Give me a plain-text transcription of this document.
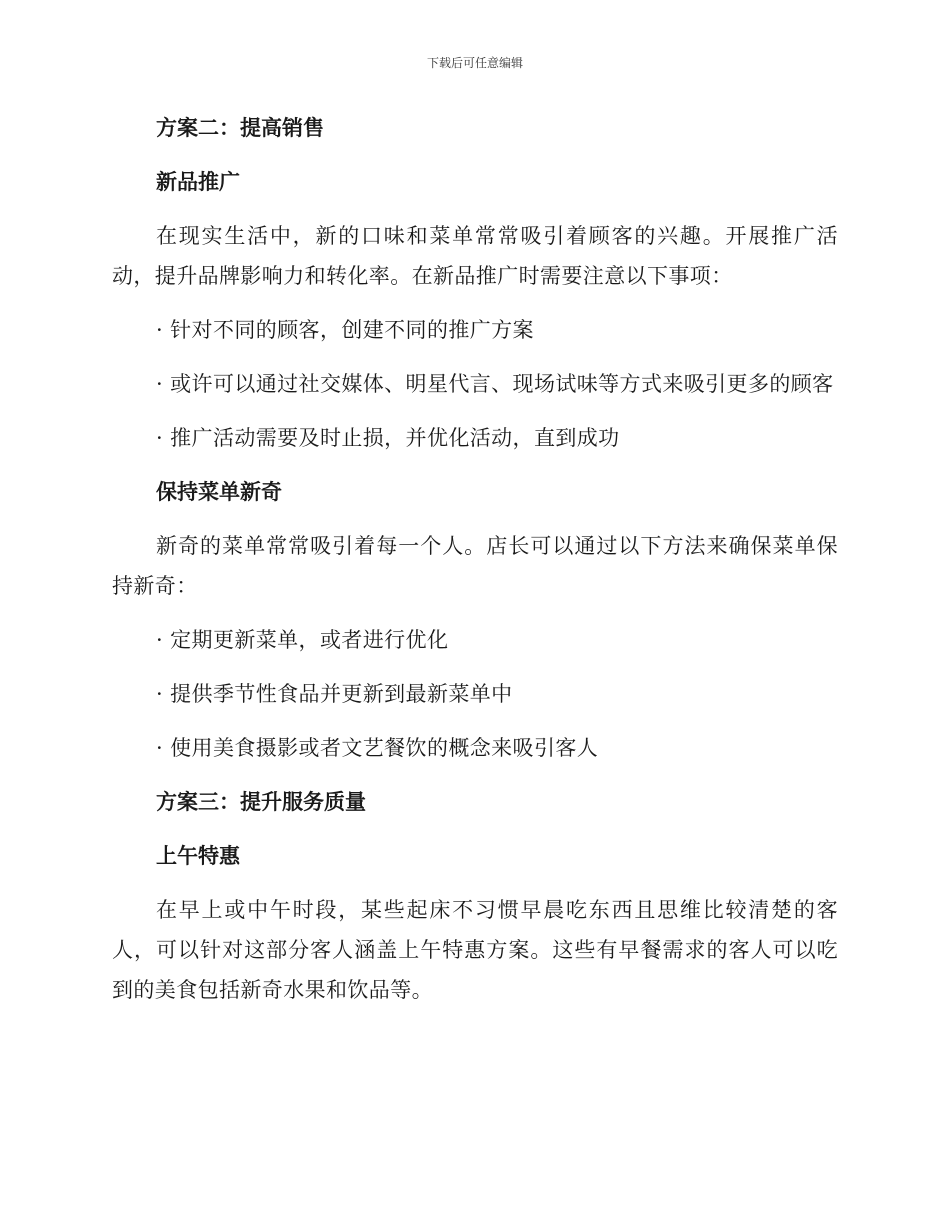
下载后可任意编辑
方案二：提高销售
新品推广

在现实生活中，新的口味和菜单常常吸引着顾客的兴趣。开展推广活动，提升品牌影响力和转化率。在新品推广时需要注意以下事项：

· 针对不同的顾客，创建不同的推广方案

· 或许可以通过社交媒体、明星代言、现场试味等方式来吸引更多的顾客

· 推广活动需要及时止损，并优化活动，直到成功

保持菜单新奇

新奇的菜单常常吸引着每一个人。店长可以通过以下方法来确保菜单保持新奇：

· 定期更新菜单，或者进行优化

· 提供季节性食品并更新到最新菜单中

· 使用美食摄影或者文艺餐饮的概念来吸引客人

方案三：提升服务质量
上午特惠

在早上或中午时段，某些起床不习惯早晨吃东西且思维比较清楚的客人，可以针对这部分客人涵盖上午特惠方案。这些有早餐需求的客人可以吃到的美食包括新奇水果和饮品等。
